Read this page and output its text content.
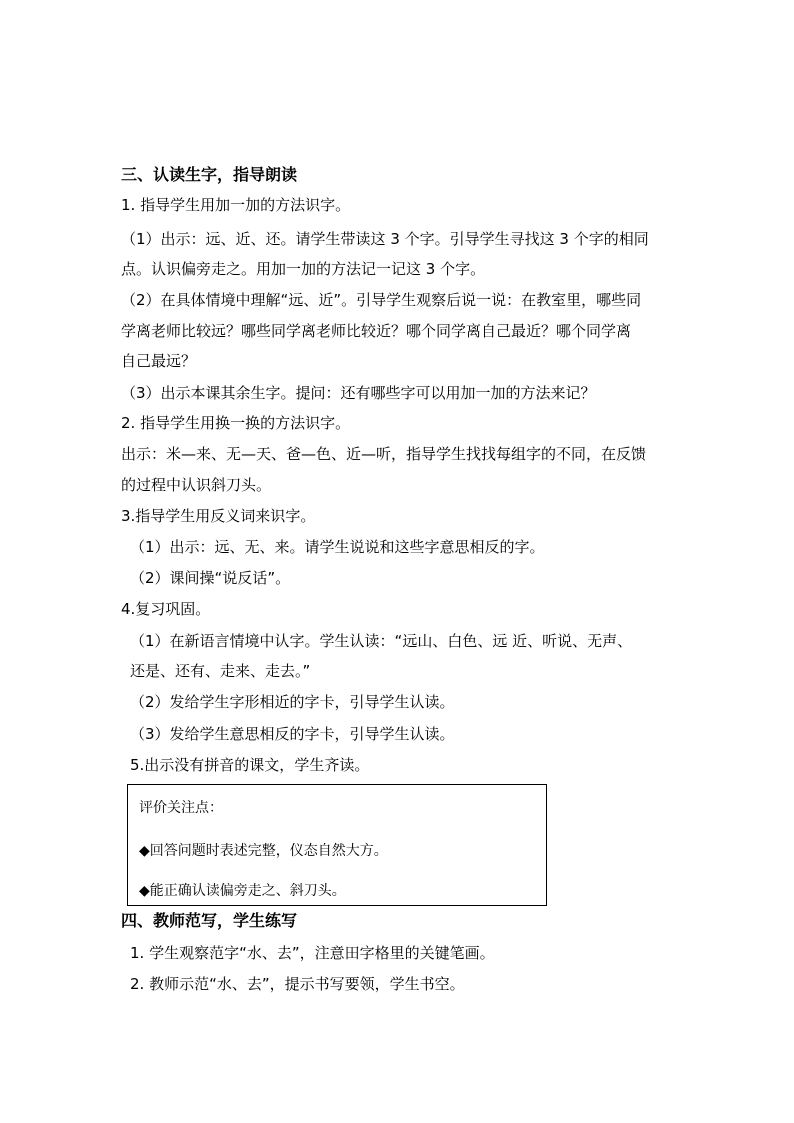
三、认读生字，指导朗读
1. 指导学生用加一加的方法识字。
（1）出示：远、近、还。请学生带读这 3 个字。引导学生寻找这 3 个字的相同
点。认识偏旁走之。用加一加的方法记一记这 3 个字。
（2）在具体情境中理解“远、近”。引导学生观察后说一说：在教室里，哪些同
学离老师比较远？哪些同学离老师比较近？哪个同学离自己最近？哪个同学离
自己最远？
（3）出示本课其余生字。提问：还有哪些字可以用加一加的方法来记？
2. 指导学生用换一换的方法识字。
出示：米—来、无—天、爸—色、近—听，指导学生找找每组字的不同，在反馈
的过程中认识斜刀头。
3.指导学生用反义词来识字。
（1）出示：远、无、来。请学生说说和这些字意思相反的字。
（2）课间操“说反话”。
4.复习巩固。
（1）在新语言情境中认字。学生认读：“远山、白色、远 近、听说、无声、
还是、还有、走来、走去。”
（2）发给学生字形相近的字卡，引导学生认读。
（3）发给学生意思相反的字卡，引导学生认读。
5.出示没有拼音的课文，学生齐读。
评价关注点：
◆回答问题时表述完整，仪态自然大方。
◆能正确认读偏旁走之、斜刀头。
四、教师范写，学生练写
1. 学生观察范字“水、去”，注意田字格里的关键笔画。
2. 教师示范“水、去”，提示书写要领，学生书空。
